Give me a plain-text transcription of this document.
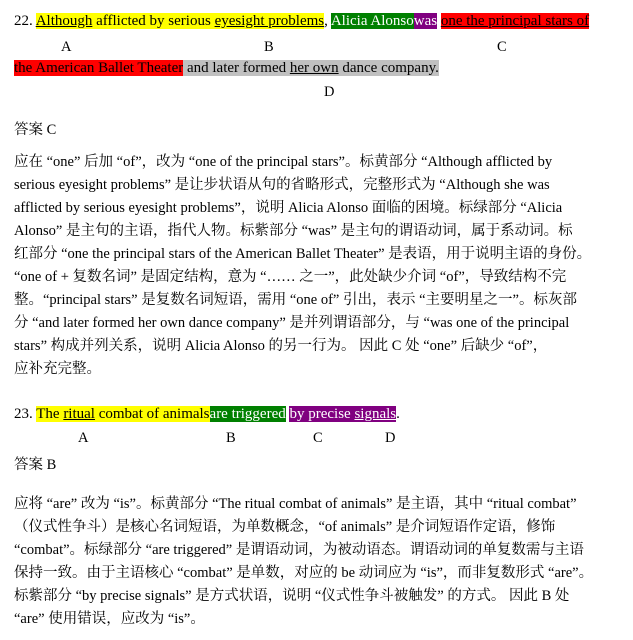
22. Although afflicted by serious eyesight problems, Alicia Alonsowas one the principal stars of
A	B	C
the American Ballet Theater and later formed her own dance company.
D
答案 C
应在 “one” 后加 “of”，改为 “one of the principal stars”。标黄部分 “Although afflicted by
serious eyesight problems” 是让步状语从句的省略形式，完整形式为 “Although she was
afflicted by serious eyesight problems”，说明 Alicia Alonso 面临的困境。标绿部分 “Alicia
Alonso” 是主句的主语，指代人物。标紫部分 “was” 是主句的谓语动词，属于系动词。标
红部分 “one the principal stars of the American Ballet Theater” 是表语，用于说明主语的身份。
“one of + 复数名词” 是固定结构，意为 “…… 之一”，此处缺少介词 “of”，导致结构不完
整。“principal stars” 是复数名词短语，需用 “one of” 引出，表示 “主要明星之一”。标灰部
分 “and later formed her own dance company” 是并列谓语部分，与 “was one of the principal
stars” 构成并列关系，说明 Alicia Alonso 的另一行为。 因此 C 处 “one” 后缺少 “of”，
应补充完整。
23. The ritual combat of animalsare triggered by precise signals.
A	B	C	D
答案 B
应将 “are” 改为 “is”。标黄部分 “The ritual combat of animals” 是主语，其中 “ritual combat”
（仪式性争斗）是核心名词短语，为单数概念，“of animals” 是介词短语作定语，修饰
“combat”。标绿部分 “are triggered” 是谓语动词，为被动语态。谓语动词的单复数需与主语
保持一致。由于主语核心 “combat” 是单数，对应的 be 动词应为 “is”，而非复数形式 “are”。
标紫部分 “by precise signals” 是方式状语，说明 “仪式性争斗被触发” 的方式。 因此 B 处
“are” 使用错误，应改为 “is”。
